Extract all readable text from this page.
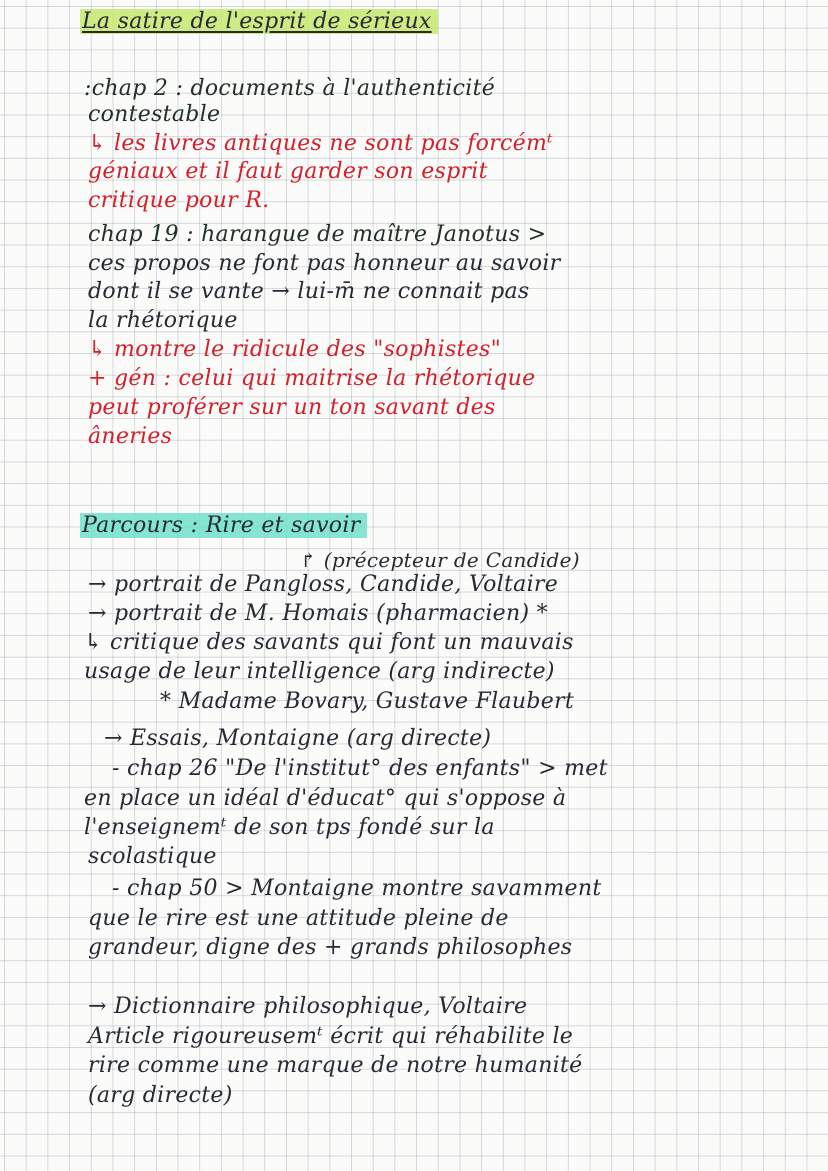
La satire de l'esprit de sérieux
:chap 2 : documents à l'authenticité
contestable
↳ les livres antiques ne sont pas forcémᵗ
géniaux et il faut garder son esprit
critique pour R.
chap 19 : harangue de maître Janotus >
ces propos ne font pas honneur au savoir
dont il se vante → lui-m̄ ne connait pas
la rhétorique
↳ montre le ridicule des "sophistes"
+ gén : celui qui maitrise la rhétorique
peut proférer sur un ton savant des
âneries
Parcours : Rire et savoir
↱ (précepteur de Candide)
→ portrait de Pangloss, Candide, Voltaire
→ portrait de M. Homais (pharmacien) *
↳ critique des savants qui font un mauvais
usage de leur intelligence (arg indirecte)
* Madame Bovary, Gustave Flaubert
→ Essais, Montaigne (arg directe)
- chap 26 "De l'institut° des enfants" > met
en place un idéal d'éducat° qui s'oppose à
l'enseignemᵗ de son tps fondé sur la
scolastique
- chap 50 > Montaigne montre savamment
que le rire est une attitude pleine de
grandeur, digne des + grands philosophes
→ Dictionnaire philosophique, Voltaire
Article rigoureusemᵗ écrit qui réhabilite le
rire comme une marque de notre humanité
(arg directe)
